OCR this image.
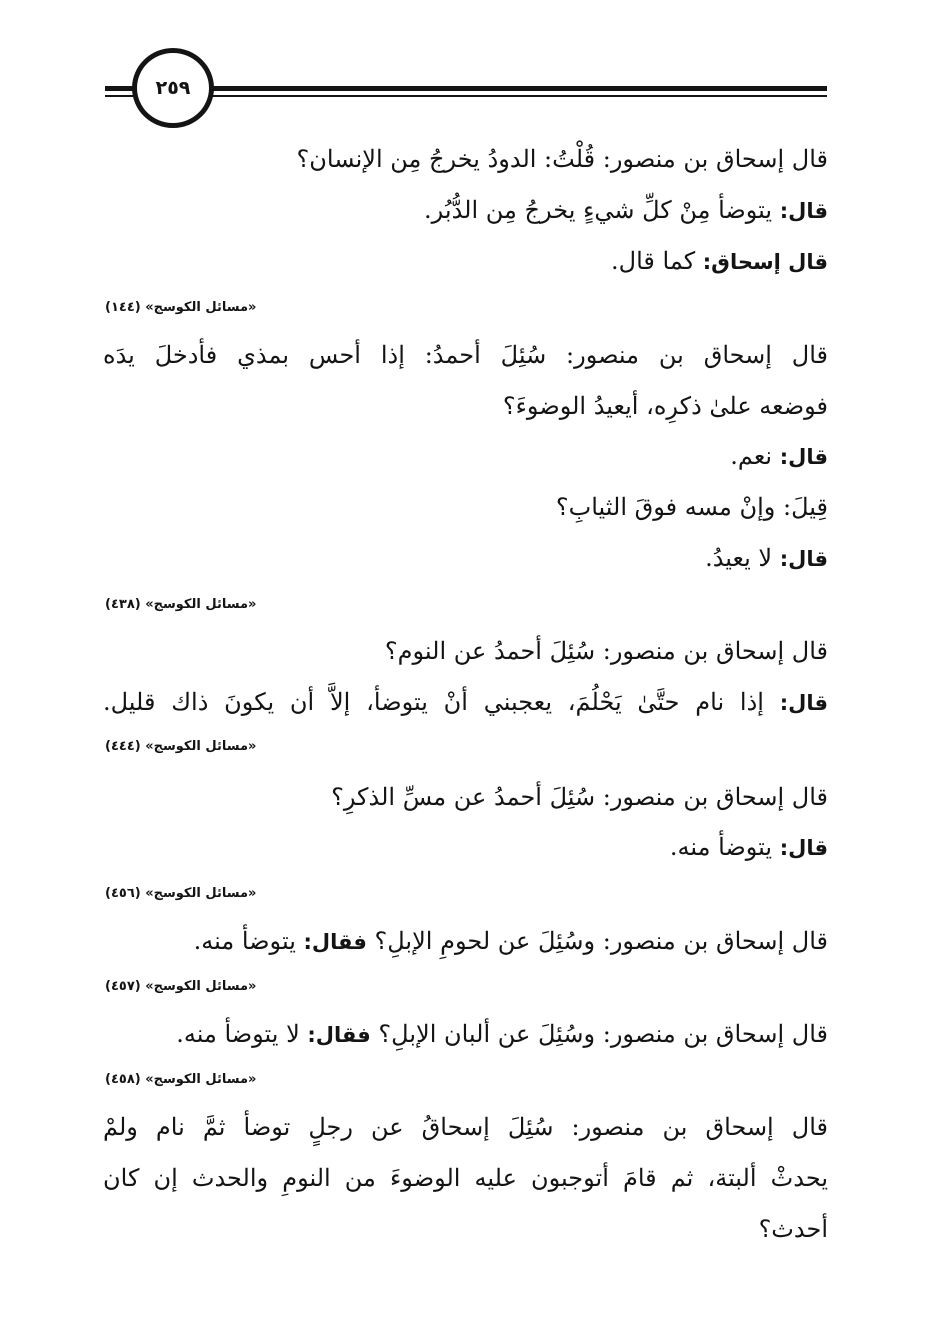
٢٥٩
قال إسحاق بن منصور: قُلْتُ: الدودُ يخرجُ مِن الإنسان؟
قال: يتوضأ مِنْ كلِّ شيءٍ يخرجُ مِن الدُّبُر.
قال إسحاق: كما قال.
«مسائل الكوسج» (١٤٤)
قال إسحاق بن منصور: سُئِلَ أحمدُ: إذا أحس بمذي فأدخلَ يدَه
فوضعه علىٰ ذكرِه، أيعيدُ الوضوءَ؟
قال: نعم.
قِيلَ: وإنْ مسه فوقَ الثيابِ؟
قال: لا يعيدُ.
«مسائل الكوسج» (٤٣٨)
قال إسحاق بن منصور: سُئِلَ أحمدُ عن النوم؟
قال: إذا نام حتَّىٰ يَحْلُمَ، يعجبني أنْ يتوضأ، إلاَّ أن يكونَ ذاك قليل.
«مسائل الكوسج» (٤٤٤)
قال إسحاق بن منصور: سُئِلَ أحمدُ عن مسِّ الذكرِ؟
قال: يتوضأ منه.
«مسائل الكوسج» (٤٥٦)
قال إسحاق بن منصور: وسُئِلَ عن لحومِ الإبلِ؟ فقال: يتوضأ منه.
«مسائل الكوسج» (٤٥٧)
قال إسحاق بن منصور: وسُئِلَ عن ألبان الإبلِ؟ فقال: لا يتوضأ منه.
«مسائل الكوسج» (٤٥٨)
قال إسحاق بن منصور: سُئِلَ إسحاقُ عن رجلٍ توضأ ثمَّ نام ولمْ
يحدثْ ألبتة، ثم قامَ أتوجبون عليه الوضوءَ من النومِ والحدث إن كان
أحدث؟
